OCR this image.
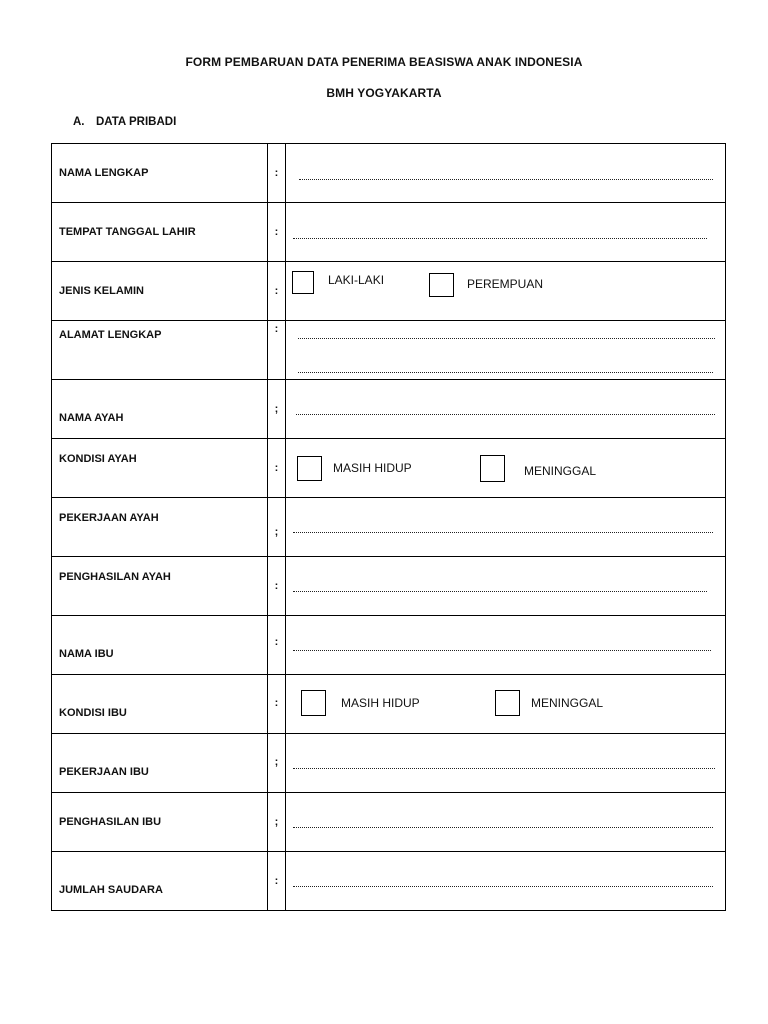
FORM PEMBARUAN DATA PENERIMA BEASISWA ANAK INDONESIA
BMH YOGYAKARTA
A. DATA PRIBADI
NAMA LENGKAP	:	

TEMPAT TANGGAL LAHIR	:	

JENIS KELAMIN	:	LAKI-LAKI PEREMPUAN

ALAMAT LENGKAP	:	

NAMA AYAH	;	

KONDISI AYAH	:	MASIH HIDUP MENINGGAL

PEKERJAAN AYAH	;	

PENGHASILAN AYAH	:	

NAMA IBU	:	

KONDISI IBU	:	MASIH HIDUP MENINGGAL

PEKERJAAN IBU	;	

PENGHASILAN IBU	;	

JUMLAH SAUDARA	:	
